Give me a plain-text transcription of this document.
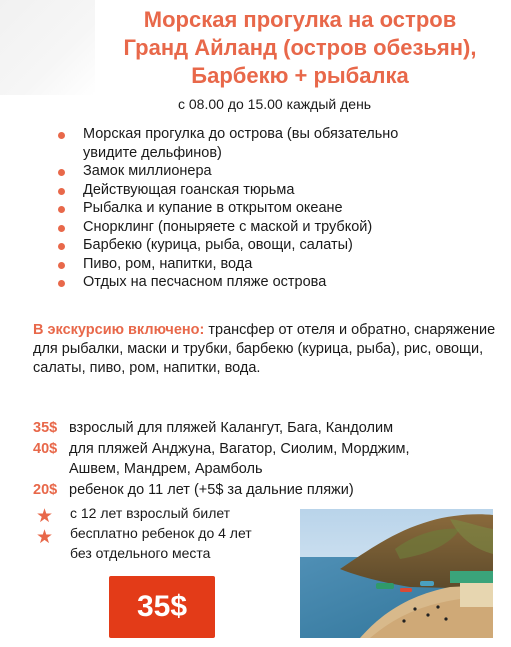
Морская прогулка на остров
Гранд Айланд (остров обезьян),
Барбекю + рыбалка
с 08.00 до 15.00 каждый день
Морская прогулка до острова (вы обязательно
увидите дельфинов)
Замок миллионера
Действующая гоанская тюрьма
Рыбалка и купание в открытом океане
Снорклинг (поныряете с маской и трубкой)
Барбекю (курица, рыба, овощи, салаты)
Пиво, ром, напитки, вода
Отдых на песчасном пляже острова
В экскурсию включено: трансфер от отеля и обратно, снаряжение для рыбалки, маски и трубки, барбекю (курица, рыба), рис, овощи, салаты, пиво, ром, напитки, вода.
35$ взрослый для пляжей Калангут, Бага, Кандолим
40$ для пляжей Анджуна, Вагатор, Сиолим, Морджим,
Ашвем, Мандрем, Арамболь
20$ ребенок до 11 лет (+5$ за дальние пляжи)
★
★
с 12 лет взрослый билет
бесплатно ребенок до 4 лет
без отдельного места
35$
